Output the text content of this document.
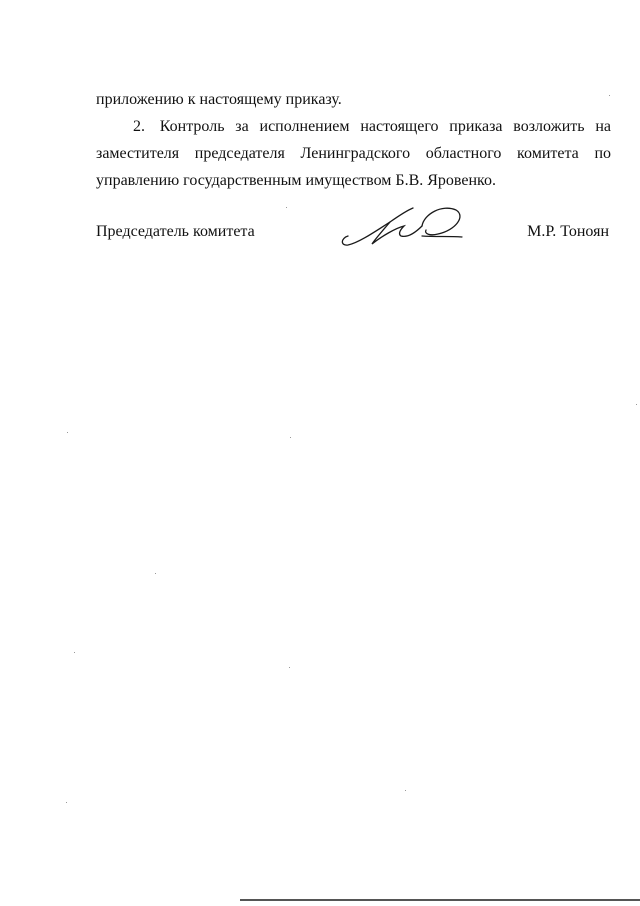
приложению к настоящему приказу.

2. Контроль за исполнением настоящего приказа возложить на заместителя председателя Ленинградского областного комитета по управлению государственным имуществом Б.В. Яровенко.

Председатель комитета	М.Р. Тоноян
